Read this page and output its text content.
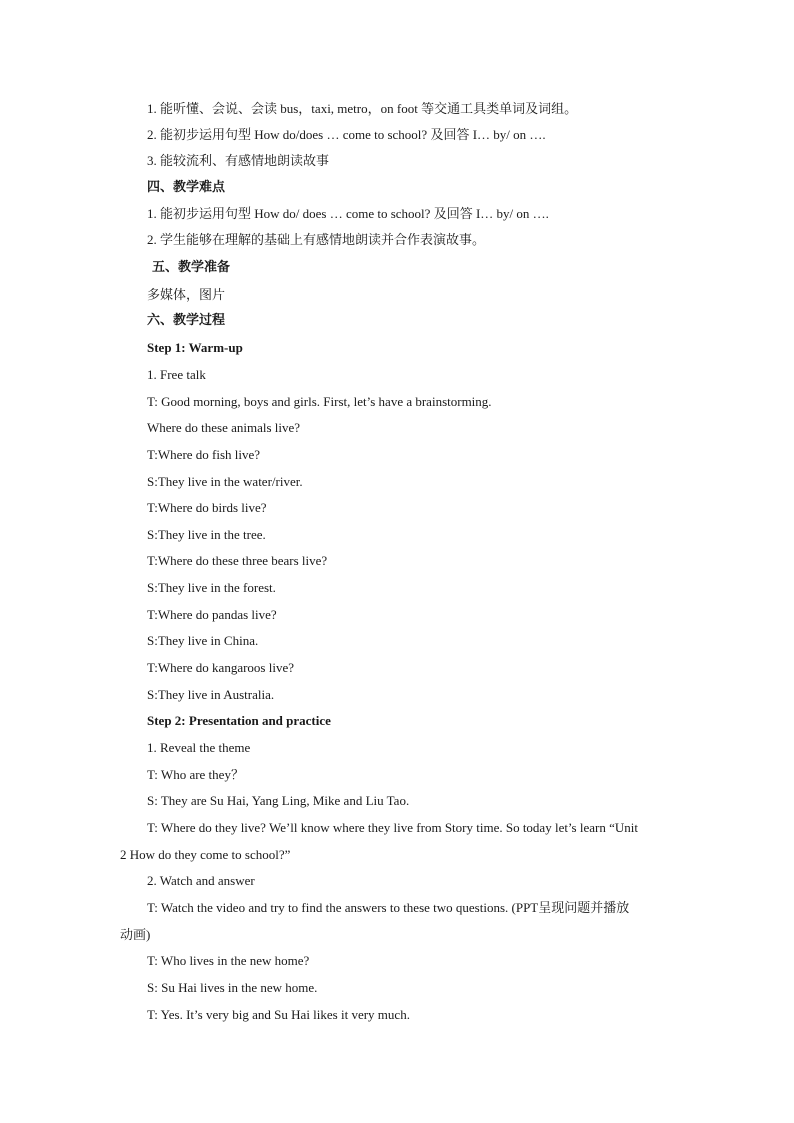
1. 能听懂、会说、会读 bus，taxi, metro，on foot 等交通工具类单词及词组。
2. 能初步运用句型 How do/does … come to school? 及回答 I… by/ on ….
3. 能较流利、有感情地朗读故事
四、教学难点
1. 能初步运用句型 How do/ does … come to school? 及回答 I… by/ on ….
2. 学生能够在理解的基础上有感情地朗读并合作表演故事。
五、教学准备
多媒体，图片
六、教学过程
Step 1: Warm-up
1. Free talk
T: Good morning, boys and girls. First, let’s have a brainstorming.
Where do these animals live?
T:Where do fish live?
S:They live in the water/river.
T:Where do birds live?
S:They live in the tree.
T:Where do these three bears live?
S:They live in the forest.
T:Where do pandas live?
S:They live in China.
T:Where do kangaroos live?
S:They live in Australia.
Step 2: Presentation and practice
1. Reveal the theme
T: Who are they？
S: They are Su Hai, Yang Ling, Mike and Liu Tao.
T: Where do they live? We’ll know where they live from Story time. So today let’s learn “Unit
2 How do they come to school?”
2. Watch and answer
T: Watch the video and try to find the answers to these two questions. (PPT呈现问题并播放
动画)
T: Who lives in the new home?
S: Su Hai lives in the new home.
T: Yes. It’s very big and Su Hai likes it very much.
